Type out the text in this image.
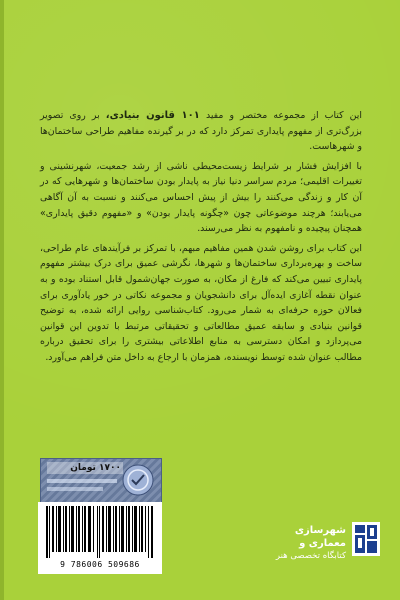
این کتاب از مجموعه مختصر و مفید ۱۰۱ قانون بنیادی، بر روی تصویر بزرگ‌تری از مفهوم پایداری تمرکز دارد که در بر گیرنده مفاهیم طراحی ساختمان‌ها و شهرهاست.

با افزایش فشار بر شرایط زیست‌محیطی ناشی از رشد جمعیت، شهرنشینی و تغییرات اقلیمی؛ مردم سراسر دنیا نیاز به پایدار بودن ساختمان‌ها و شهرهایی که در آن کار و زندگی می‌کنند را بیش از پیش احساس می‌کنند و نسبت به آن آگاهی می‌یابند؛ هرچند موضوعاتی چون «چگونه پایدار بودن» و «مفهوم دقیق پایداری» همچنان پیچیده و نامفهوم به نظر می‌رسند.

این کتاب برای روشن شدن همین مفاهیم مبهم، با تمرکز بر فرآیندهای عام طراحی، ساخت و بهره‌برداری ساختمان‌ها و شهرها، نگرشی عمیق برای درک بیشتر مفهوم پایداری تبیین می‌کند که فارغ از مکان، به صورت جهان‌شمول قابل استناد بوده و به عنوان نقطه آغازی ایده‌آل برای دانشجویان و مجموعه نکاتی در خور یادآوری برای فعالان حوزه حرفه‌ای به شمار می‌رود. کتاب‌شناسی روایی ارائه شده، به توضیح قوانین بنیادی و سابقه عمیق مطالعاتی و تحقیقاتی مرتبط با تدوین این قوانین می‌پردازد و امکان دسترسی به منابع اطلاعاتی بیشتری را برای تحقیق درباره مطالب عنوان شده توسط نویسنده، همزمان با ارجاع به داخل متن فراهم می‌آورد.

۱۷۰۰ تومان
9 786006 509686
شهرسازی
معماری و
کتابگاه تخصصی هنر
